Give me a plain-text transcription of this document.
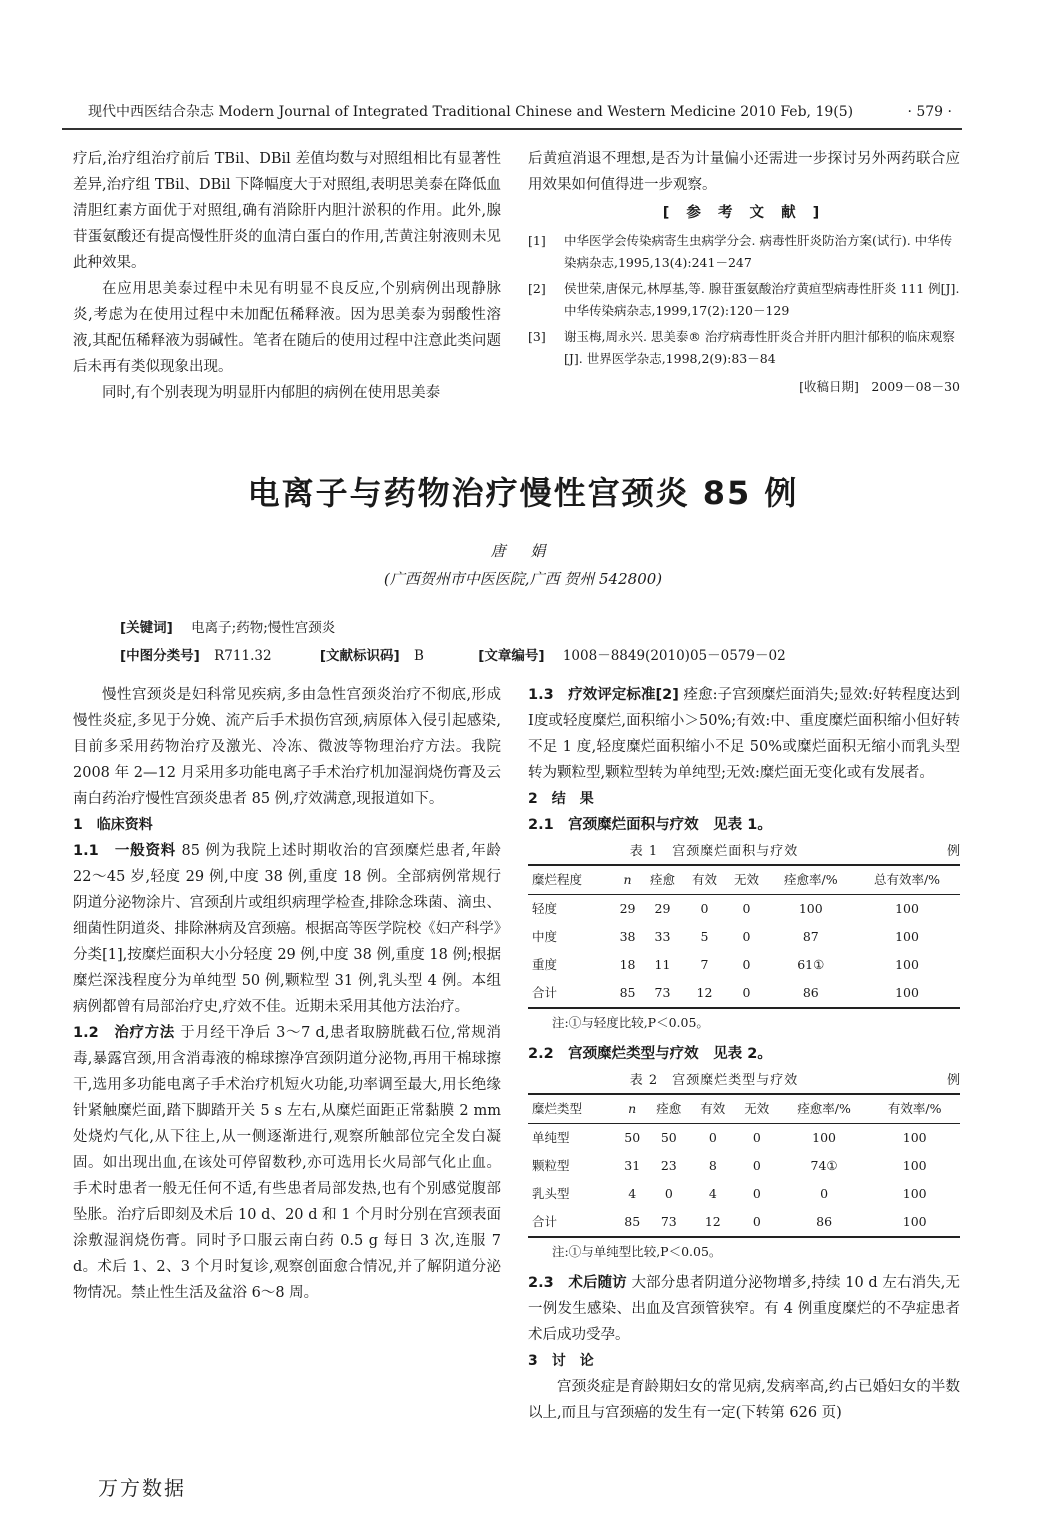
现代中西医结合杂志 Modern Journal of Integrated Traditional Chinese and Western Medicine 2010 Feb, 19(5)	· 579 ·

疗后,治疗组治疗前后 TBil、DBil 差值均数与对照组相比有显著性差异,治疗组 TBil、DBil 下降幅度大于对照组,表明思美泰在降低血清胆红素方面优于对照组,确有消除肝内胆汁淤积的作用。此外,腺苷蛋氨酸还有提高慢性肝炎的血清白蛋白的作用,苦黄注射液则未见此种效果。

在应用思美泰过程中未见有明显不良反应,个别病例出现静脉炎,考虑为在使用过程中未加配伍稀释液。因为思美泰为弱酸性溶液,其配伍稀释液为弱碱性。笔者在随后的使用过程中注意此类问题后未再有类似现象出现。

同时,有个别表现为明显肝内郁胆的病例在使用思美泰

后黄疸消退不理想,是否为计量偏小还需进一步探讨另外两药联合应用效果如何值得进一步观察。

[ 参 考 文 献 ]
[1]	中华医学会传染病寄生虫病学分会. 病毒性肝炎防治方案(试行). 中华传染病杂志,1995,13(4):241－247
[2]	侯世荣,唐保元,林厚基,等. 腺苷蛋氨酸治疗黄疸型病毒性肝炎 111 例[J]. 中华传染病杂志,1999,17(2):120－129
[3]	谢玉梅,周永兴. 思美泰® 治疗病毒性肝炎合并肝内胆汁郁积的临床观察[J]. 世界医学杂志,1998,2(9):83－84
[收稿日期]　2009－08－30
电离子与药物治疗慢性宫颈炎 85 例
唐 娟
(广西贺州市中医医院,广西 贺州 542800)
[关键词] 电离子;药物;慢性宫颈炎
[中图分类号] R711.32	[文献标识码] B	[文章编号] 1008－8849(2010)05－0579－02

慢性宫颈炎是妇科常见疾病,多由急性宫颈炎治疗不彻底,形成慢性炎症,多见于分娩、流产后手术损伤宫颈,病原体入侵引起感染,目前多采用药物治疗及激光、冷冻、微波等物理治疗方法。我院 2008 年 2—12 月采用多功能电离子手术治疗机加湿润烧伤膏及云南白药治疗慢性宫颈炎患者 85 例,疗效满意,现报道如下。

1　临床资料

1.1　一般资料 85 例为我院上述时期收治的宫颈糜烂患者,年龄 22～45 岁,轻度 29 例,中度 38 例,重度 18 例。全部病例常规行阴道分泌物涂片、宫颈刮片或组织病理学检查,排除念珠菌、滴虫、细菌性阴道炎、排除淋病及宫颈癌。根据高等医学院校《妇产科学》分类[1],按糜烂面积大小分轻度 29 例,中度 38 例,重度 18 例;根据糜烂深浅程度分为单纯型 50 例,颗粒型 31 例,乳头型 4 例。本组病例都曾有局部治疗史,疗效不佳。近期未采用其他方法治疗。

1.2　治疗方法 于月经干净后 3～7 d,患者取膀胱截石位,常规消毒,暴露宫颈,用含消毒液的棉球擦净宫颈阴道分泌物,再用干棉球擦干,选用多功能电离子手术治疗机短火功能,功率调至最大,用长绝缘针紧触糜烂面,踏下脚踏开关 5 s 左右,从糜烂面距正常黏膜 2 mm 处烧灼气化,从下往上,从一侧逐渐进行,观察所触部位完全发白凝固。如出现出血,在该处可停留数秒,亦可选用长火局部气化止血。手术时患者一般无任何不适,有些患者局部发热,也有个别感觉腹部坠胀。治疗后即刻及术后 10 d、20 d 和 1 个月时分别在宫颈表面涂敷湿润烧伤膏。同时予口服云南白药 0.5 g 每日 3 次,连服 7 d。术后 1、2、3 个月时复诊,观察创面愈合情况,并了解阴道分泌物情况。禁止性生活及盆浴 6～8 周。

1.3　疗效评定标准[2] 痊愈:子宫颈糜烂面消失;显效:好转程度达到Ⅰ度或轻度糜烂,面积缩小＞50%;有效:中、重度糜烂面积缩小但好转不足 1 度,轻度糜烂面积缩小不足 50%或糜烂面积无缩小而乳头型转为颗粒型,颗粒型转为单纯型;无效:糜烂面无变化或有发展者。

2　结　果

2.1　宫颈糜烂面积与疗效　见表 1。

表 1　宫颈糜烂面积与疗效	例
糜烂程度	n	痊愈	有效	无效	痊愈率/%	总有效率/%
轻度	29	29	0	0	100	100
中度	38	33	5	0	87	100
重度	18	11	7	0	61①	100
合计	85	73	12	0	86	100
注:①与轻度比较,P＜0.05。

2.2　宫颈糜烂类型与疗效　见表 2。

表 2　宫颈糜烂类型与疗效	例
糜烂类型	n	痊愈	有效	无效	痊愈率/%	有效率/%
单纯型	50	50	0	0	100	100
颗粒型	31	23	8	0	74①	100
乳头型	4	0	4	0	0	100
合计	85	73	12	0	86	100
注:①与单纯型比较,P＜0.05。

2.3　术后随访 大部分患者阴道分泌物增多,持续 10 d 左右消失,无一例发生感染、出血及宫颈管狭窄。有 4 例重度糜烂的不孕症患者术后成功受孕。

3　讨　论

宫颈炎症是育龄期妇女的常见病,发病率高,约占已婚妇女的半数以上,而且与宫颈癌的发生有一定(下转第 626 页)

万方数据
